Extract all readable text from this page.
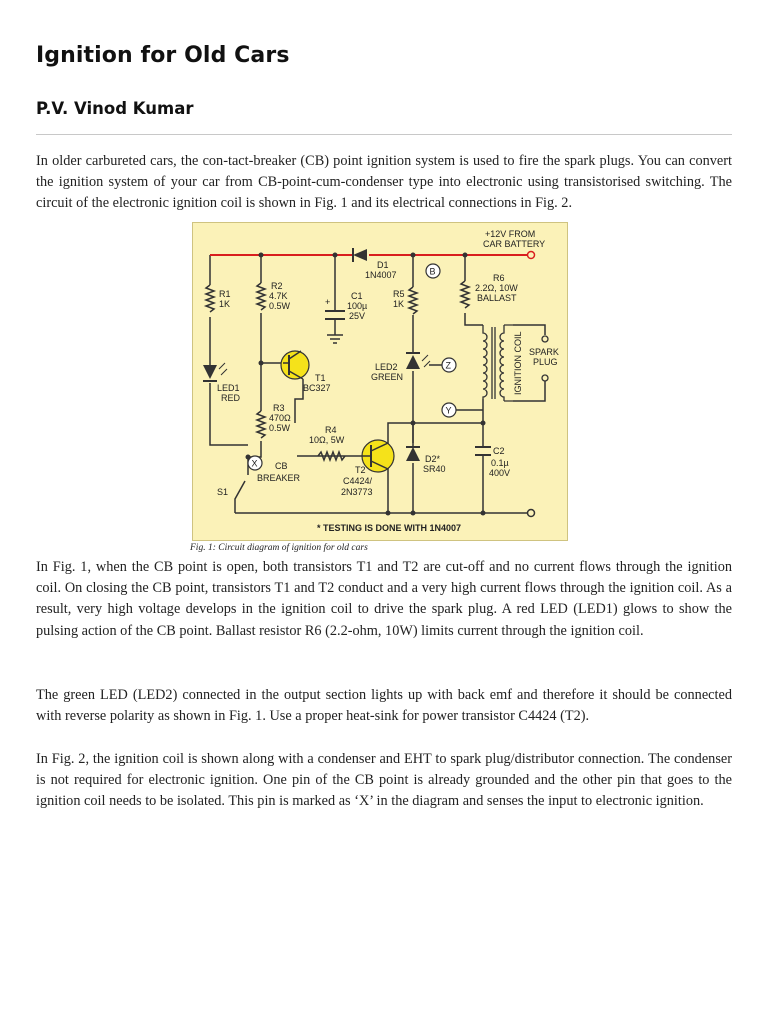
Ignition for Old Cars
P.V. Vinod Kumar

In older carbureted cars, the con-tact-breaker (CB) point ignition system is used to fire the spark plugs. You can convert the ignition system of your car from CB-point-cum-condenser type into electronic using transistorised switching. The circuit of the electronic ignition coil is shown in Fig. 1 and its electrical connections in Fig. 2.

+12V FROM
CAR BATTERY
D1
1N4007
R1
1K
R2
4.7K
0.5W	+
C1
100µ
25V
R5
1K
R6
2.2Ω, 10W
BALLAST
B
Z
Y
X
IGNITION COIL SPARK
PLUG
LED2
GREEN
T1
BC327
LED1
RED
R3
470Ω
0.5W	R4
10Ω, 5W
C2
0.1µ
400V
D2*
SR40
T2
C4424/
2N3773
CB
BREAKER
S1
* TESTING IS DONE WITH 1N4007

Fig. 1: Circuit diagram of ignition for old cars

In Fig. 1, when the CB point is open, both transistors T1 and T2 are cut-off and no current flows through the ignition coil. On closing the CB point, transistors T1 and T2 conduct and a very high current flows through the ignition coil. As a result, very high voltage develops in the ignition coil to drive the spark plug. A red LED (LED1) glows to show the pulsing action of the CB point. Ballast resistor R6 (2.2-ohm, 10W) limits current through the ignition coil.

The green LED (LED2) connected in the output section lights up with back emf and therefore it should be connected with reverse polarity as shown in Fig. 1. Use a proper heat-sink for power transistor C4424 (T2).

In Fig. 2, the ignition coil is shown along with a condenser and EHT to spark plug/distributor connection. The condenser is not required for electronic ignition. One pin of the CB point is already grounded and the other pin that goes to the ignition coil needs to be isolated. This pin is marked as ‘X’ in the diagram and senses the input to electronic ignition.
